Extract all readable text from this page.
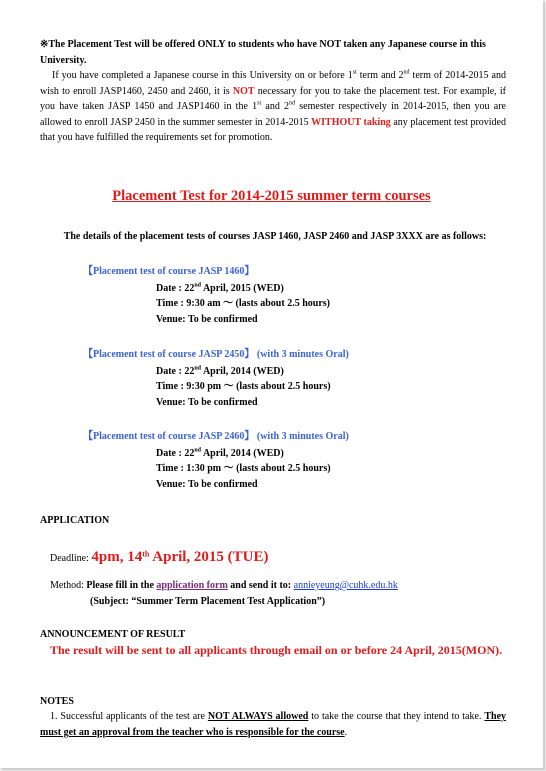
※The Placement Test will be offered ONLY to students who have NOT taken any Japanese course in this University.
If you have completed a Japanese course in this University on or before 1st term and 2nd term of 2014-2015 and wish to enroll JASP1460, 2450 and 2460, it is NOT necessary for you to take the placement test. For example, if you have taken JASP 1450 and JASP1460 in the 1st and 2nd semester respectively in 2014-2015, then you are allowed to enroll JASP 2450 in the summer semester in 2014-2015 WITHOUT taking any placement test provided that you have fulfilled the requirements set for promotion.
Placement Test for 2014-2015 summer term courses
The details of the placement tests of courses JASP 1460, JASP 2460 and JASP 3XXX are as follows:
【Placement test of course JASP 1460】
Date : 22nd April, 2015 (WED)
Time : 9:30 am ～ (lasts about 2.5 hours)
Venue: To be confirmed
【Placement test of course JASP 2450】 (with 3 minutes Oral)
Date : 22nd April, 2014 (WED)
Time : 9:30 pm ～ (lasts about 2.5 hours)
Venue: To be confirmed
【Placement test of course JASP 2460】 (with 3 minutes Oral)
Date : 22nd April, 2014 (WED)
Time : 1:30 pm ～ (lasts about 2.5 hours)
Venue: To be confirmed
APPLICATION
Deadline: 4pm, 14th April, 2015 (TUE)
Method: Please fill in the application form and send it to: annieyeung@cuhk.edu.hk
(Subject: “Summer Term Placement Test Application”)
ANNOUNCEMENT OF RESULT
The result will be sent to all applicants through email on or before 24 April, 2015(MON).
NOTES
1. Successful applicants of the test are NOT ALWAYS allowed to take the course that they intend to take. They must get an approval from the teacher who is responsible for the course.
